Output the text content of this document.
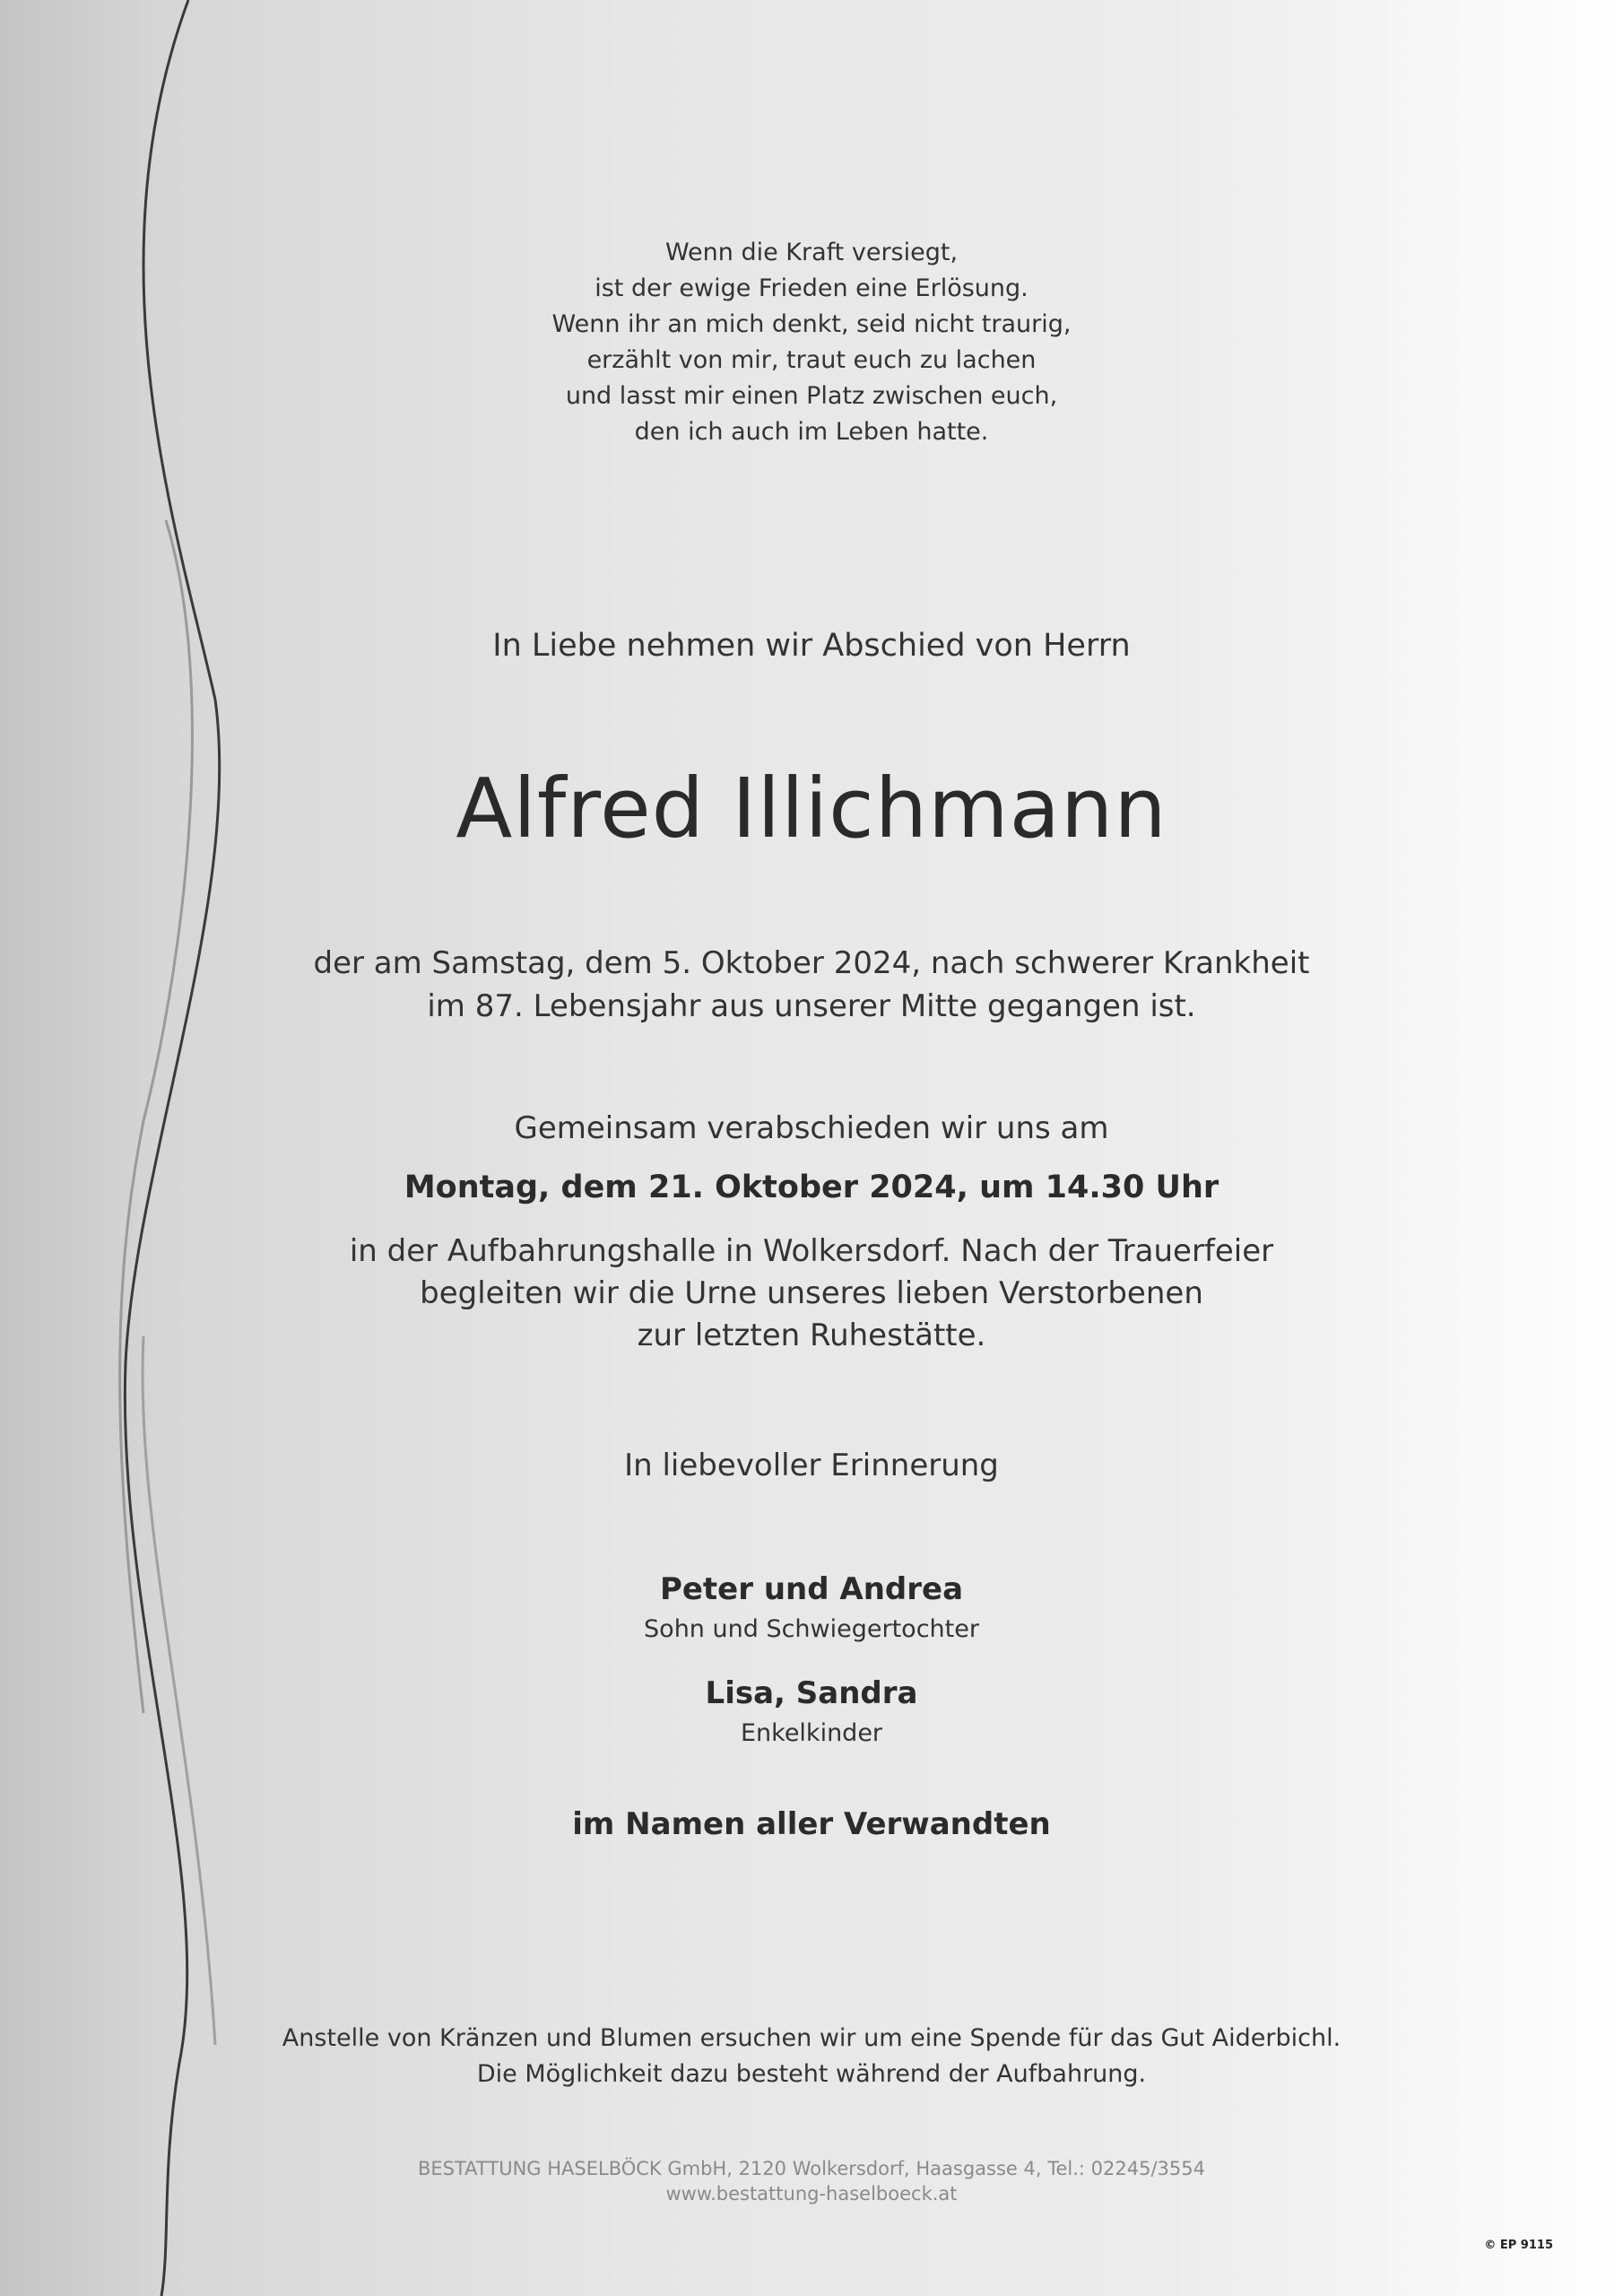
Wenn die Kraft versiegt,
ist der ewige Frieden eine Erlösung.
Wenn ihr an mich denkt, seid nicht traurig,
erzählt von mir, traut euch zu lachen
und lasst mir einen Platz zwischen euch,
den ich auch im Leben hatte.
In Liebe nehmen wir Abschied von Herrn
Alfred Illichmann
der am Samstag, dem 5. Oktober 2024, nach schwerer Krankheit
im 87. Lebensjahr aus unserer Mitte gegangen ist.
Gemeinsam verabschieden wir uns am
Montag, dem 21. Oktober 2024, um 14.30 Uhr
in der Aufbahrungshalle in Wolkersdorf. Nach der Trauerfeier
begleiten wir die Urne unseres lieben Verstorbenen
zur letzten Ruhestätte.
In liebevoller Erinnerung
Peter und Andrea
Sohn und Schwiegertochter
Lisa, Sandra
Enkelkinder
im Namen aller Verwandten
Anstelle von Kränzen und Blumen ersuchen wir um eine Spende für das Gut Aiderbichl.
Die Möglichkeit dazu besteht während der Aufbahrung.
BESTATTUNG HASELBÖCK GmbH, 2120 Wolkersdorf, Haasgasse 4, Tel.: 02245/3554
www.bestattung-haselboeck.at
© EP 9115
